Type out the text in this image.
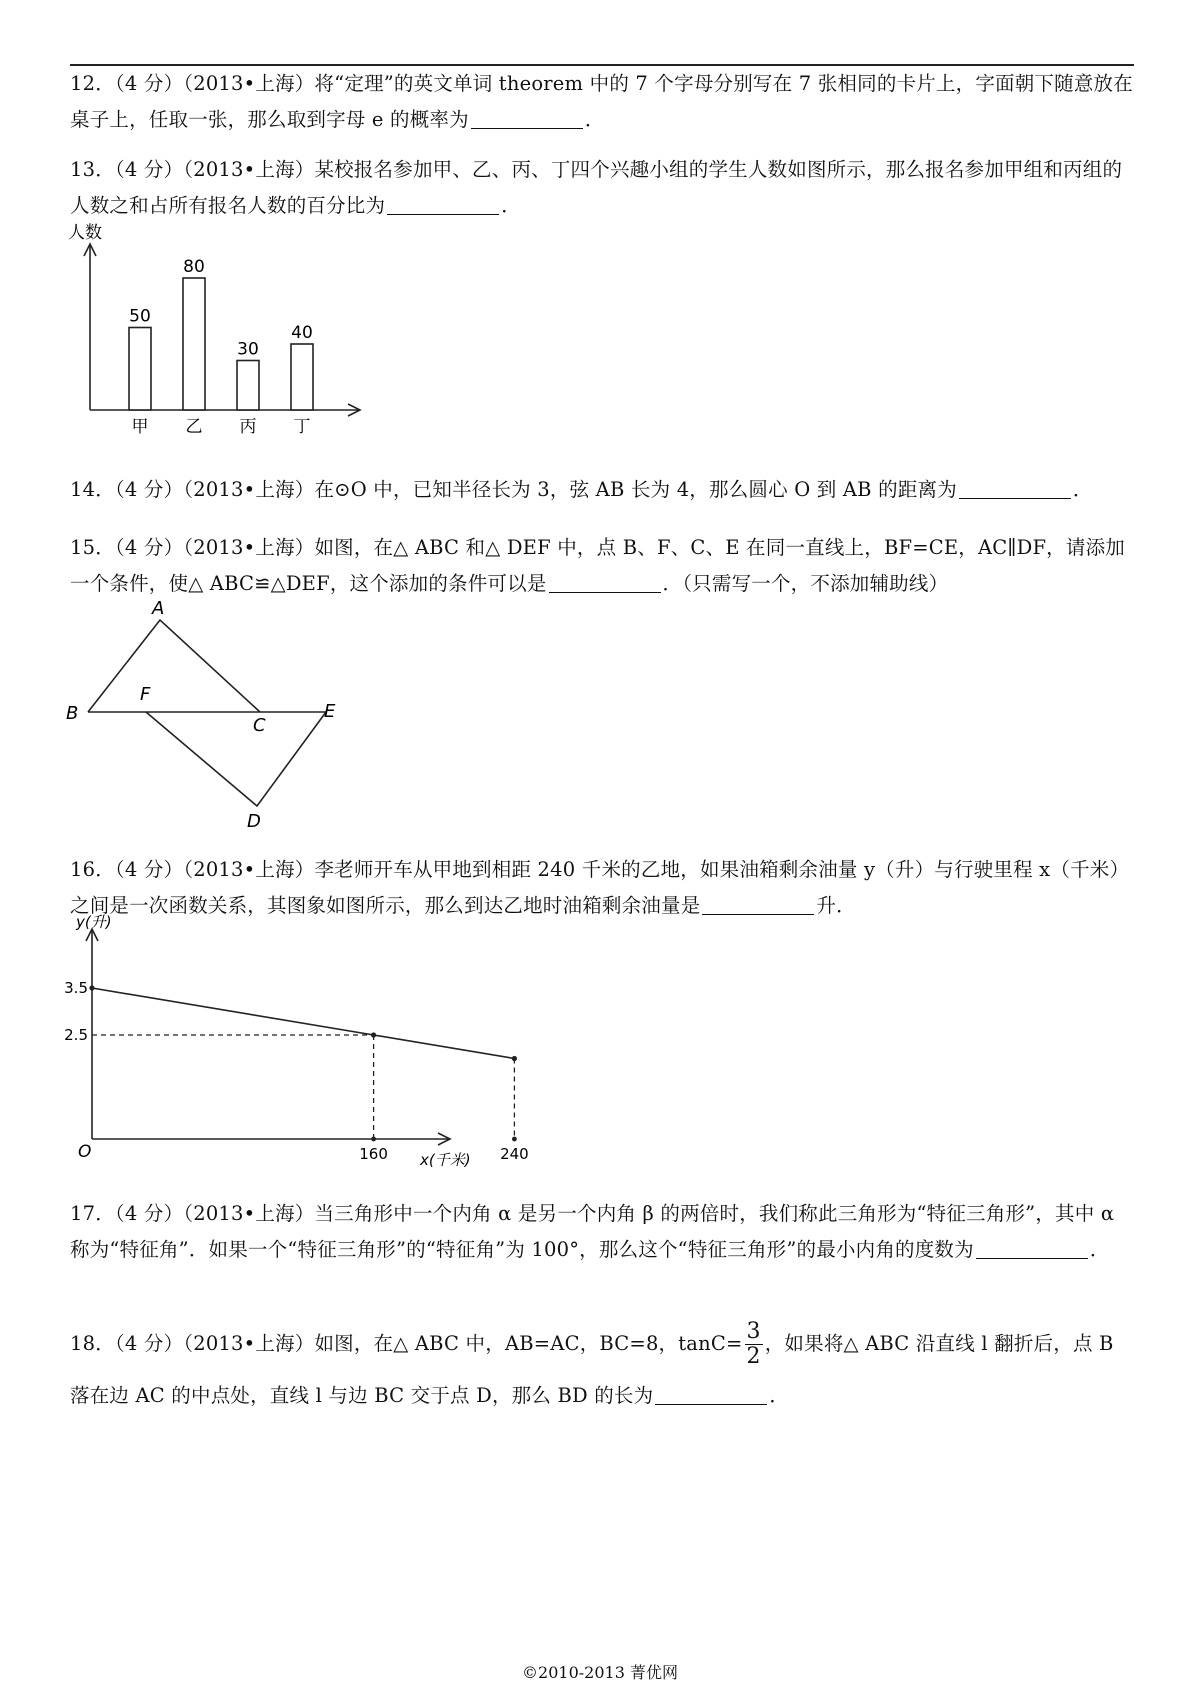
12．（4 分）（2013•上海）将“定理”的英文单词 theorem 中的 7 个字母分别写在 7 张相同的卡片上，字面朝下随意放在桌子上，任取一张，那么取到字母 e 的概率为	．
13．（4 分）（2013•上海）某校报名参加甲、乙、丙、丁四个兴趣小组的学生人数如图所示，那么报名参加甲组和丙组的人数之和占所有报名人数的百分比为	．
人数
50
甲
80
乙
30
丙
40
丁
14．（4 分）（2013•上海）在⊙O 中，已知半径长为 3，弦 AB 长为 4，那么圆心 O 到 AB 的距离为	．
15．（4 分）（2013•上海）如图，在△ ABC 和△ DEF 中，点 B、F、C、E 在同一直线上，BF=CE，AC∥DF，请添加一个条件，使△ ABC≌△DEF，这个添加的条件可以是	．（只需写一个，不添加辅助线）
A
B
F
C
E
D
16．（4 分）（2013•上海）李老师开车从甲地到相距 240 千米的乙地，如果油箱剩余油量 y（升）与行驶里程 x（千米）之间是一次函数关系，其图象如图所示，那么到达乙地时油箱剩余油量是	升．
y(升)
x(千米)
O
3.5
2.5
160	240
17．（4 分）（2013•上海）当三角形中一个内角 α 是另一个内角 β 的两倍时，我们称此三角形为“特征三角形”，其中 α 称为“特征角”．如果一个“特征三角形”的“特征角”为 100°，那么这个“特征三角形”的最小内角的度数为	．
18．（4 分）（2013•上海）如图，在△ ABC 中，AB=AC，BC=8，$\tan C= \frac{3}{2}$ ，如果将△ ABC 沿直线 l 翻折后，点 B 落在边 AC 的中点处，直线 l 与边 BC 交于点 D，那么 BD 的长为	．
©2010-2013 菁优网
